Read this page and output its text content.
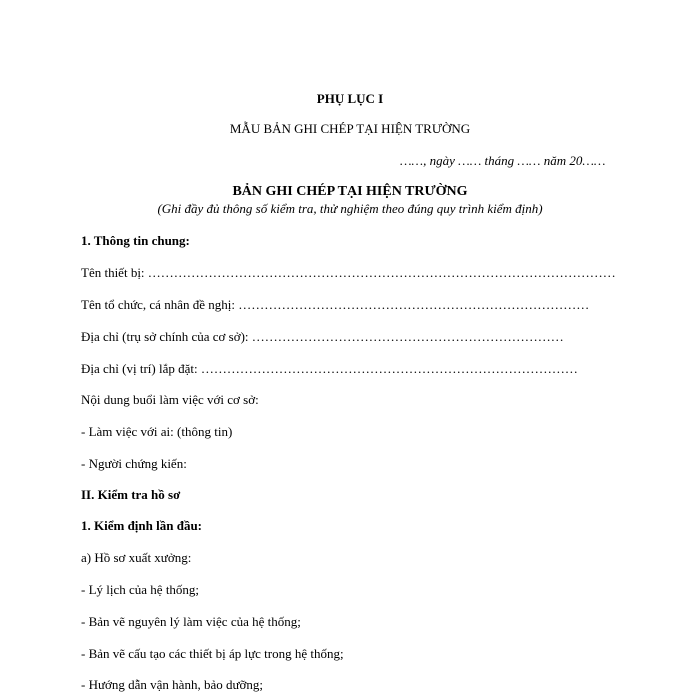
PHỤ LỤC I
MẪU BẢN GHI CHÉP TẠI HIỆN TRƯỜNG
……, ngày …… tháng …… năm 20……
BẢN GHI CHÉP TẠI HIỆN TRƯỜNG
(Ghi đầy đủ thông số kiểm tra, thử nghiệm theo đúng quy trình kiểm định)
1. Thông tin chung:
Tên thiết bị: ………………………………………………………………………………………………
Tên tổ chức, cá nhân đề nghị: ………………………………………………………………………
Địa chỉ (trụ sở chính của cơ sở): ………………………………………………………………
Địa chỉ (vị trí) lắp đặt: ……………………………………………………………………………
Nội dung buổi làm việc với cơ sở:
- Làm việc với ai: (thông tin)
- Người chứng kiến:
II. Kiểm tra hồ sơ
1. Kiểm định lần đầu:
a) Hồ sơ xuất xưởng:
- Lý lịch của hệ thống;
- Bản vẽ nguyên lý làm việc của hệ thống;
- Bản vẽ cấu tạo các thiết bị áp lực trong hệ thống;
- Hướng dẫn vận hành, bảo dưỡng;
